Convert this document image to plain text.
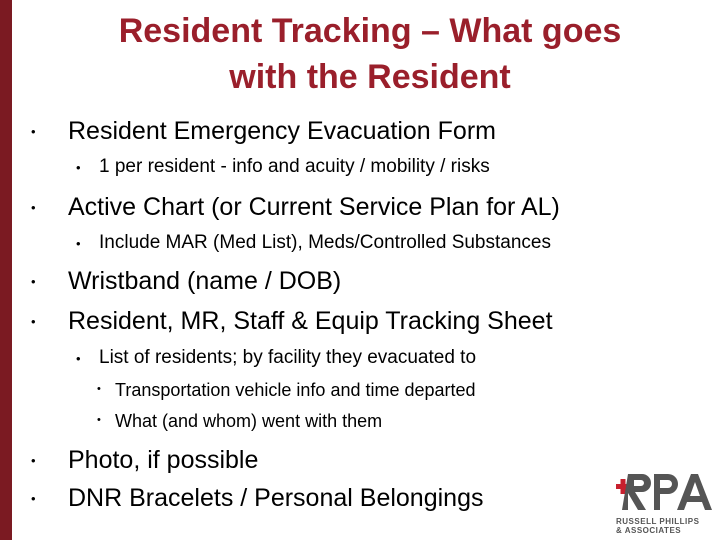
Resident Tracking – What goes
with the Resident
• Resident Emergency Evacuation Form
• 1 per resident - info and acuity / mobility / risks
• Active Chart (or Current Service Plan for AL)
• Include MAR (Med List), Meds/Controlled Substances
• Wristband (name / DOB)
• Resident, MR, Staff & Equip Tracking Sheet
• List of residents; by facility they evacuated to
• Transportation vehicle info and time departed
• What (and whom) went with them
• Photo, if possible
• DNR Bracelets / Personal Belongings
RUSSELL PHILLIPS
& ASSOCIATES
